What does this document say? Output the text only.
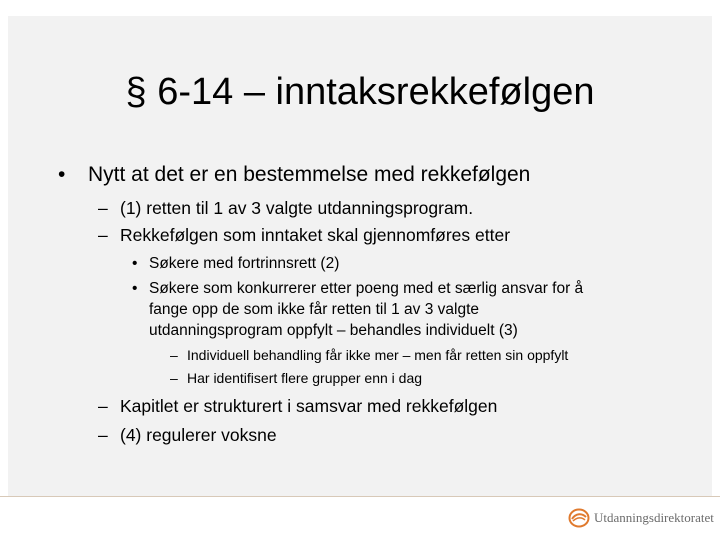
§ 6-14 – inntaksrekkefølgen
• Nytt at det er en bestemmelse med rekkefølgen
– (1) retten til 1 av 3 valgte utdanningsprogram.
– Rekkefølgen som inntaket skal gjennomføres etter
• Søkere med fortrinnsrett (2)
• Søkere som konkurrerer etter poeng med et særlig ansvar for å
fange opp de som ikke får retten til 1 av 3 valgte
utdanningsprogram oppfylt – behandles individuelt (3)
– Individuell behandling får ikke mer – men får retten sin oppfylt
– Har identifisert flere grupper enn i dag
– Kapitlet er strukturert i samsvar med rekkefølgen
– (4) regulerer voksne
Utdanningsdirektoratet
